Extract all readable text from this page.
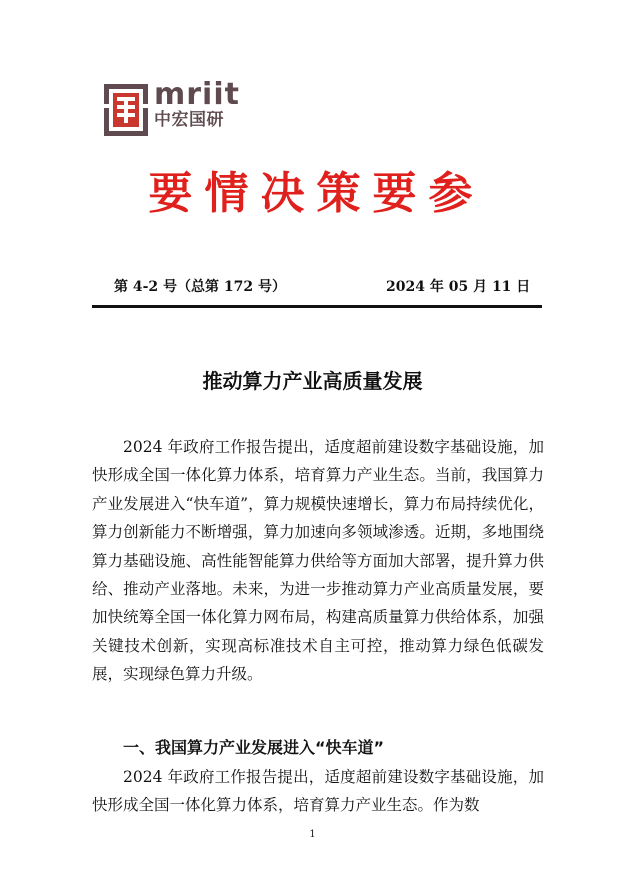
mriit
中宏国研
要情决策要参
第 4-2 号（总第 172 号）	2024 年 05 月 11 日
推动算力产业高质量发展

2024 年政府工作报告提出，适度超前建设数字基础设施，加快形成全国一体化算力体系，培育算力产业生态。当前，我国算力产业发展进入“快车道”，算力规模快速增长，算力布局持续优化，算力创新能力不断增强，算力加速向多领域渗透。近期，多地围绕算力基础设施、高性能智能算力供给等方面加大部署，提升算力供给、推动产业落地。未来，为进一步推动算力产业高质量发展，要加快统筹全国一体化算力网布局，构建高质量算力供给体系，加强关键技术创新，实现高标准技术自主可控，推动算力绿色低碳发展，实现绿色算力升级。

一、我国算力产业发展进入“快车道”

2024 年政府工作报告提出，适度超前建设数字基础设施，加快形成全国一体化算力体系，培育算力产业生态。作为数

1
